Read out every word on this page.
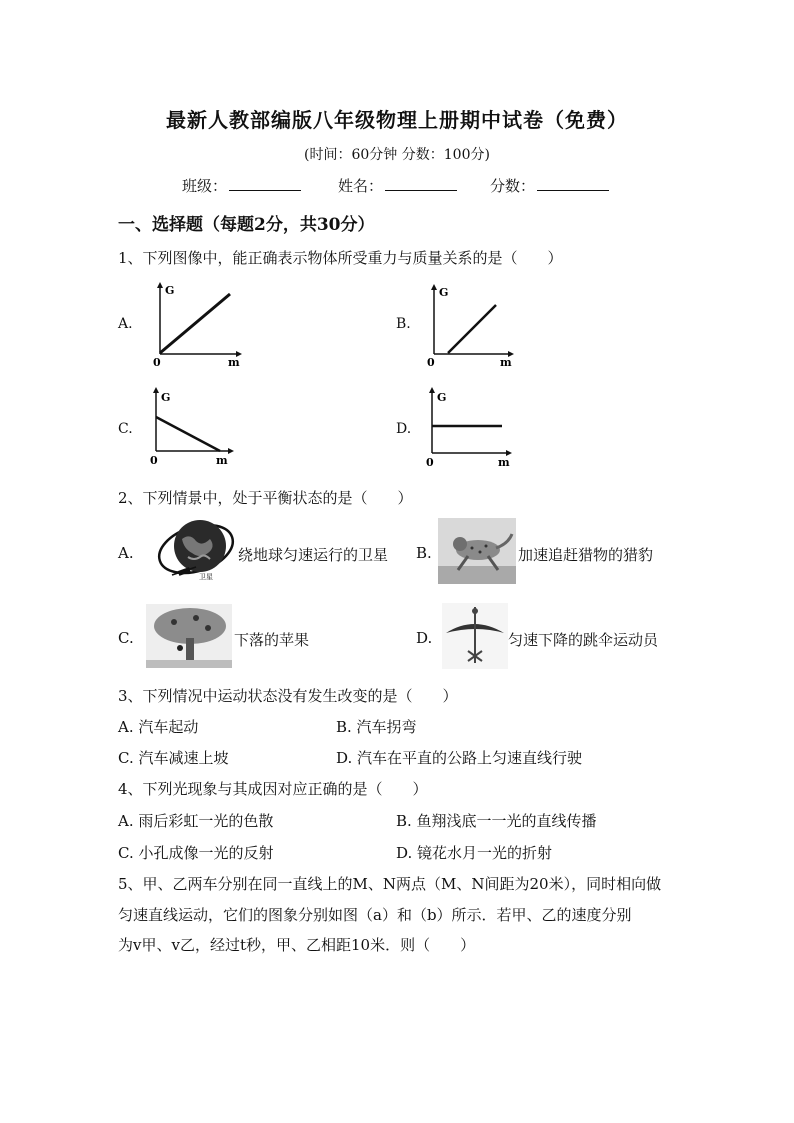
最新人教部编版八年级物理上册期中试卷（免费）
(时间：60分钟 分数：100分)
班级：	姓名：	分数：
一、选择题（每题2分，共30分）
1、下列图像中，能正确表示物体所受重力与质量关系的是（　　）
A.
G
0	m
B.
G
0	m
C.
G
0	m
D.
G
0	m
2、下列情景中，处于平衡状态的是（　　）
A.
卫星
绕地球匀速运行的卫星 B.	加速追赶猎物的猎豹
C.	下落的苹果	D.	匀速下降的跳伞运动员
3、下列情况中运动状态没有发生改变的是（　　）
A. 汽车起动	B. 汽车拐弯
C. 汽车减速上坡	D. 汽车在平直的公路上匀速直线行驶
4、下列光现象与其成因对应正确的是（　　）
A. 雨后彩虹一光的色散	B. 鱼翔浅底一一光的直线传播
C. 小孔成像一光的反射	D. 镜花水月一光的折射
5、甲、乙两车分别在同一直线上的M、N两点（M、N间距为20米），同时相向做
匀速直线运动，它们的图象分别如图（a）和（b）所示．若甲、乙的速度分别
为v甲、v乙，经过t秒，甲、乙相距10米．则（　　）
